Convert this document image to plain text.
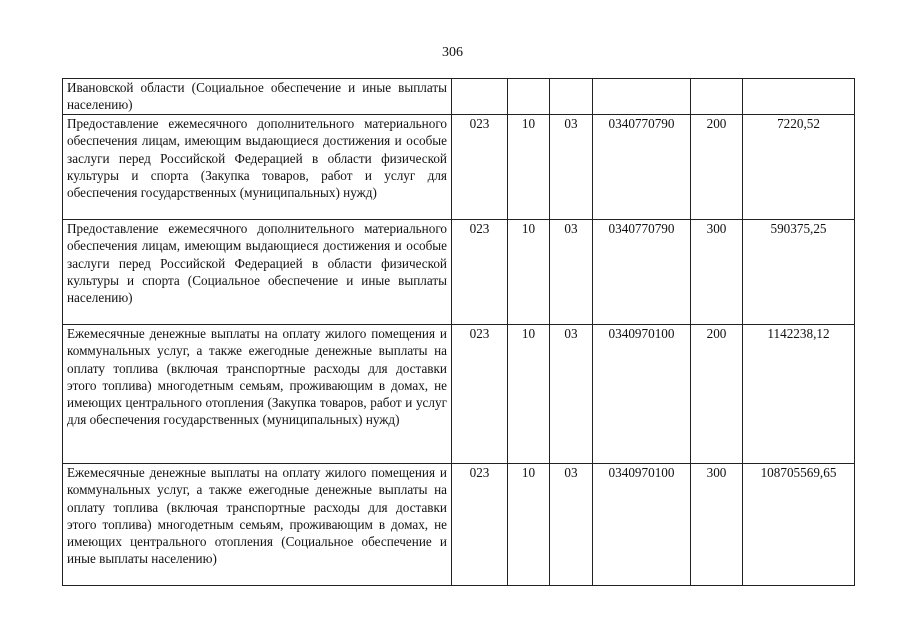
306
Ивановской области (Социальное обеспечение и иные выплаты населению)						
Предоставление ежемесячного дополнительного материального обеспечения лицам, имеющим выдающиеся достижения и особые заслуги перед Российской Федерацией в области физической культуры и спорта (Закупка товаров, работ и услуг для обеспечения государственных (муниципальных) нужд)	023	10	03	0340770790	200	7220,52
Предоставление ежемесячного дополнительного материального обеспечения лицам, имеющим выдающиеся достижения и особые заслуги перед Российской Федерацией в области физической культуры и спорта (Социальное обеспечение и иные выплаты населению)	023	10	03	0340770790	300	590375,25
Ежемесячные денежные выплаты на оплату жилого помещения и коммунальных услуг, а также ежегодные денежные выплаты на оплату топлива (включая транспортные расходы для доставки этого топлива) многодетным семьям, проживающим в домах, не имеющих центрального отопления (Закупка товаров, работ и услуг для обеспечения государственных (муниципальных) нужд)	023	10	03	0340970100	200	1142238,12
Ежемесячные денежные выплаты на оплату жилого помещения и коммунальных услуг, а также ежегодные денежные выплаты на оплату топлива (включая транспортные расходы для доставки этого топлива) многодетным семьям, проживающим в домах, не имеющих центрального отопления (Социальное обеспечение и иные выплаты населению)	023	10	03	0340970100	300	108705569,65
